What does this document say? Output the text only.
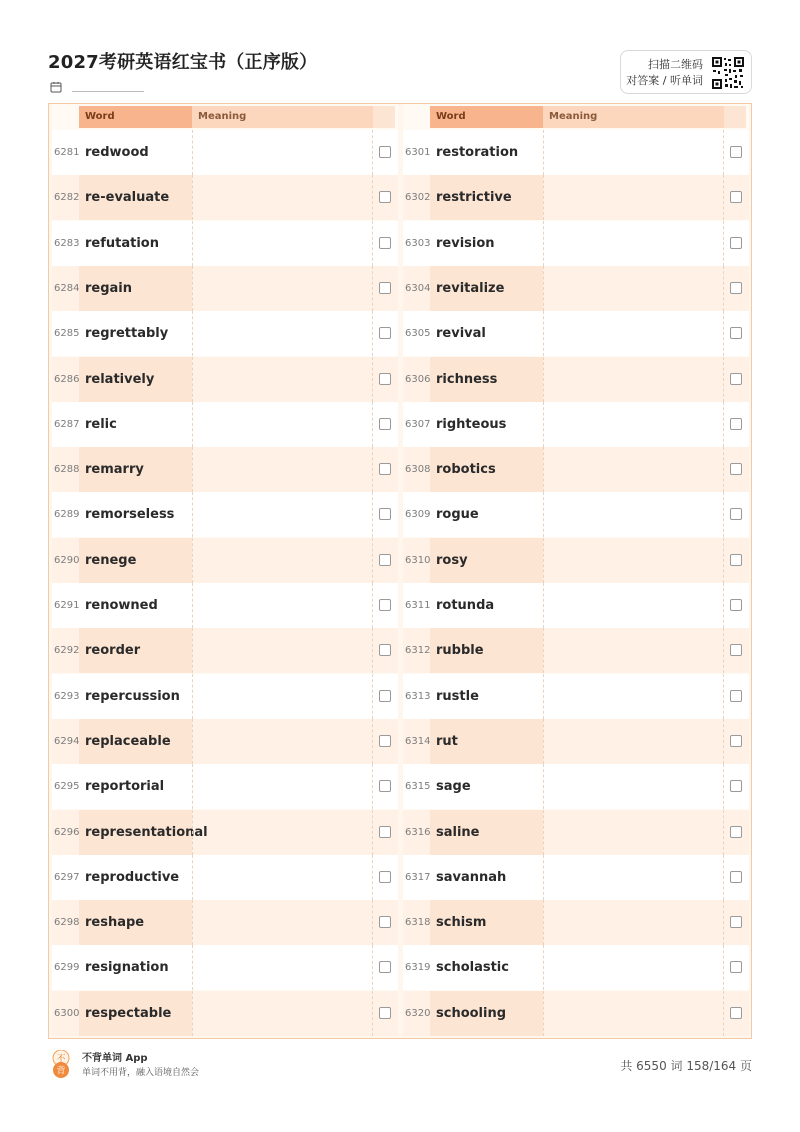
2027考研英语红宝书（正序版）	扫描二维码
对答案 / 听单词
Word	Meaning
6281 redwood
6282 re-evaluate
6283 refutation
6284 regain
6285 regrettably
6286 relatively
6287 relic
6288 remarry
6289 remorseless
6290 renege
6291 renowned
6292 reorder
6293 repercussion
6294 replaceable
6295 reportorial
6296 representational
6297 reproductive
6298 reshape
6299 resignation
6300 respectable
Word	Meaning
6301 restoration
6302 restrictive
6303 revision
6304 revitalize
6305 revival
6306 richness
6307 righteous
6308 robotics
6309 rogue
6310 rosy
6311 rotunda
6312 rubble
6313 rustle
6314 rut
6315 sage
6316 saline
6317 savannah
6318 schism
6319 scholastic
6320 schooling
不
背
不背单词 App
单词不用背，融入语境自然会	共 6550 词 158/164 页
